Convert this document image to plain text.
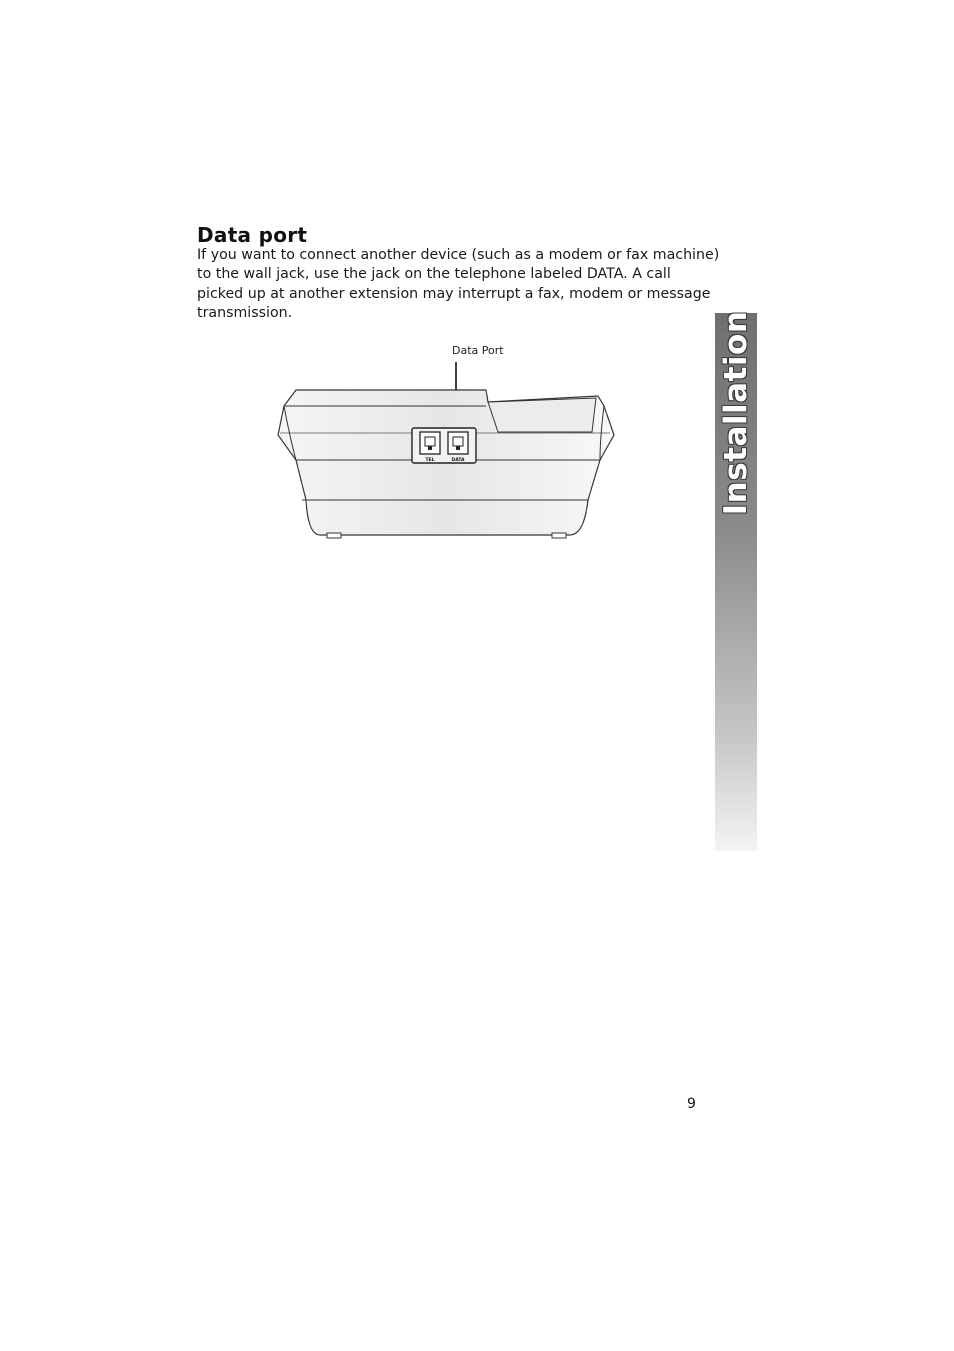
Data port

If you want to connect another device (such as a modem or fax machine)
to the wall jack, use the jack on the telephone labeled DATA. A call
picked up at another extension may interrupt a fax, modem or message
transmission.

Data Port
TEL	DATA	Installation
9
